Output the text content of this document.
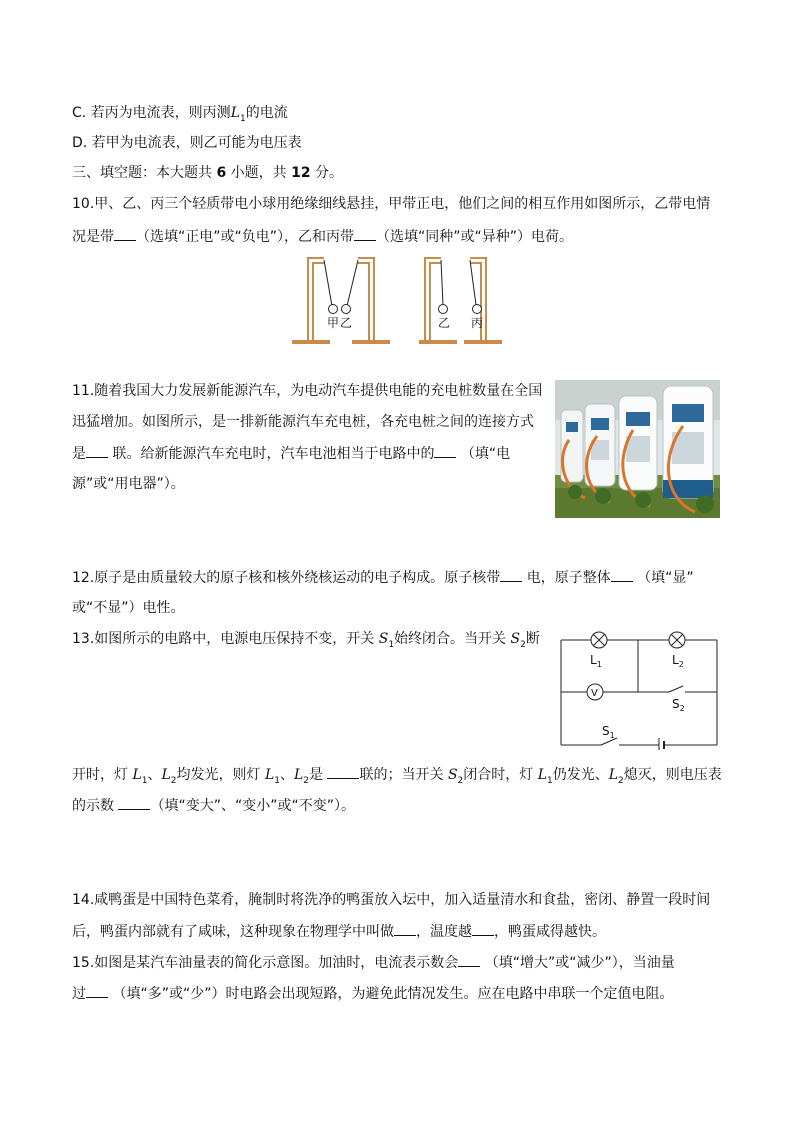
C. 若丙为电流表，则丙测$L_1$的电流
D. 若甲为电流表，则乙可能为电压表
三、填空题：本大题共 6 小题，共 12 分。
10.甲、乙、丙三个轻质带电小球用绝缘细线悬挂，甲带正电，他们之间的相互作用如图所示，乙带电情
况是带 （选填“正电”或“负电”），乙和丙带 （选填“同种”或“异种”）电荷。
甲 乙	乙 丙
11.随着我国大力发展新能源汽车，为电动汽车提供电能的充电桩数量在全国
迅猛增加。如图所示，是一排新能源汽车充电桩，各充电桩之间的连接方式
是 联。给新能源汽车充电时，汽车电池相当于电路中的 （填“电
源”或“用电器”）。
12.原子是由质量较大的原子核和核外绕核运动的电子构成。原子核带 电，原子整体 （填“显”
或“不显”）电性。
13.如图所示的电路中，电源电压保持不变，开关 $S_1$始终闭合。当开关 $S_2$断
开时，灯 $L_1$、$L_2$均发光，则灯 $L_1$、$L_2$是 联的；当开关 $S_2$闭合时，灯 $L_1$仍发光、$L_2$熄灭，则电压表
的示数 （填“变大”、“变小”或“不变”）。
$L_1$	$L_2$
V
$S_2$
$S_1$
14.咸鸭蛋是中国特色菜肴，腌制时将洗净的鸭蛋放入坛中，加入适量清水和食盐，密闭、静置一段时间
后，鸭蛋内部就有了咸味，这种现象在物理学中叫做 ，温度越 ，鸭蛋咸得越快。
15.如图是某汽车油量表的简化示意图。加油时，电流表示数会 （填“增大”或“减少”），当油量
过 （填“多”或“少”）时电路会出现短路，为避免此情况发生。应在电路中串联一个定值电阻。
